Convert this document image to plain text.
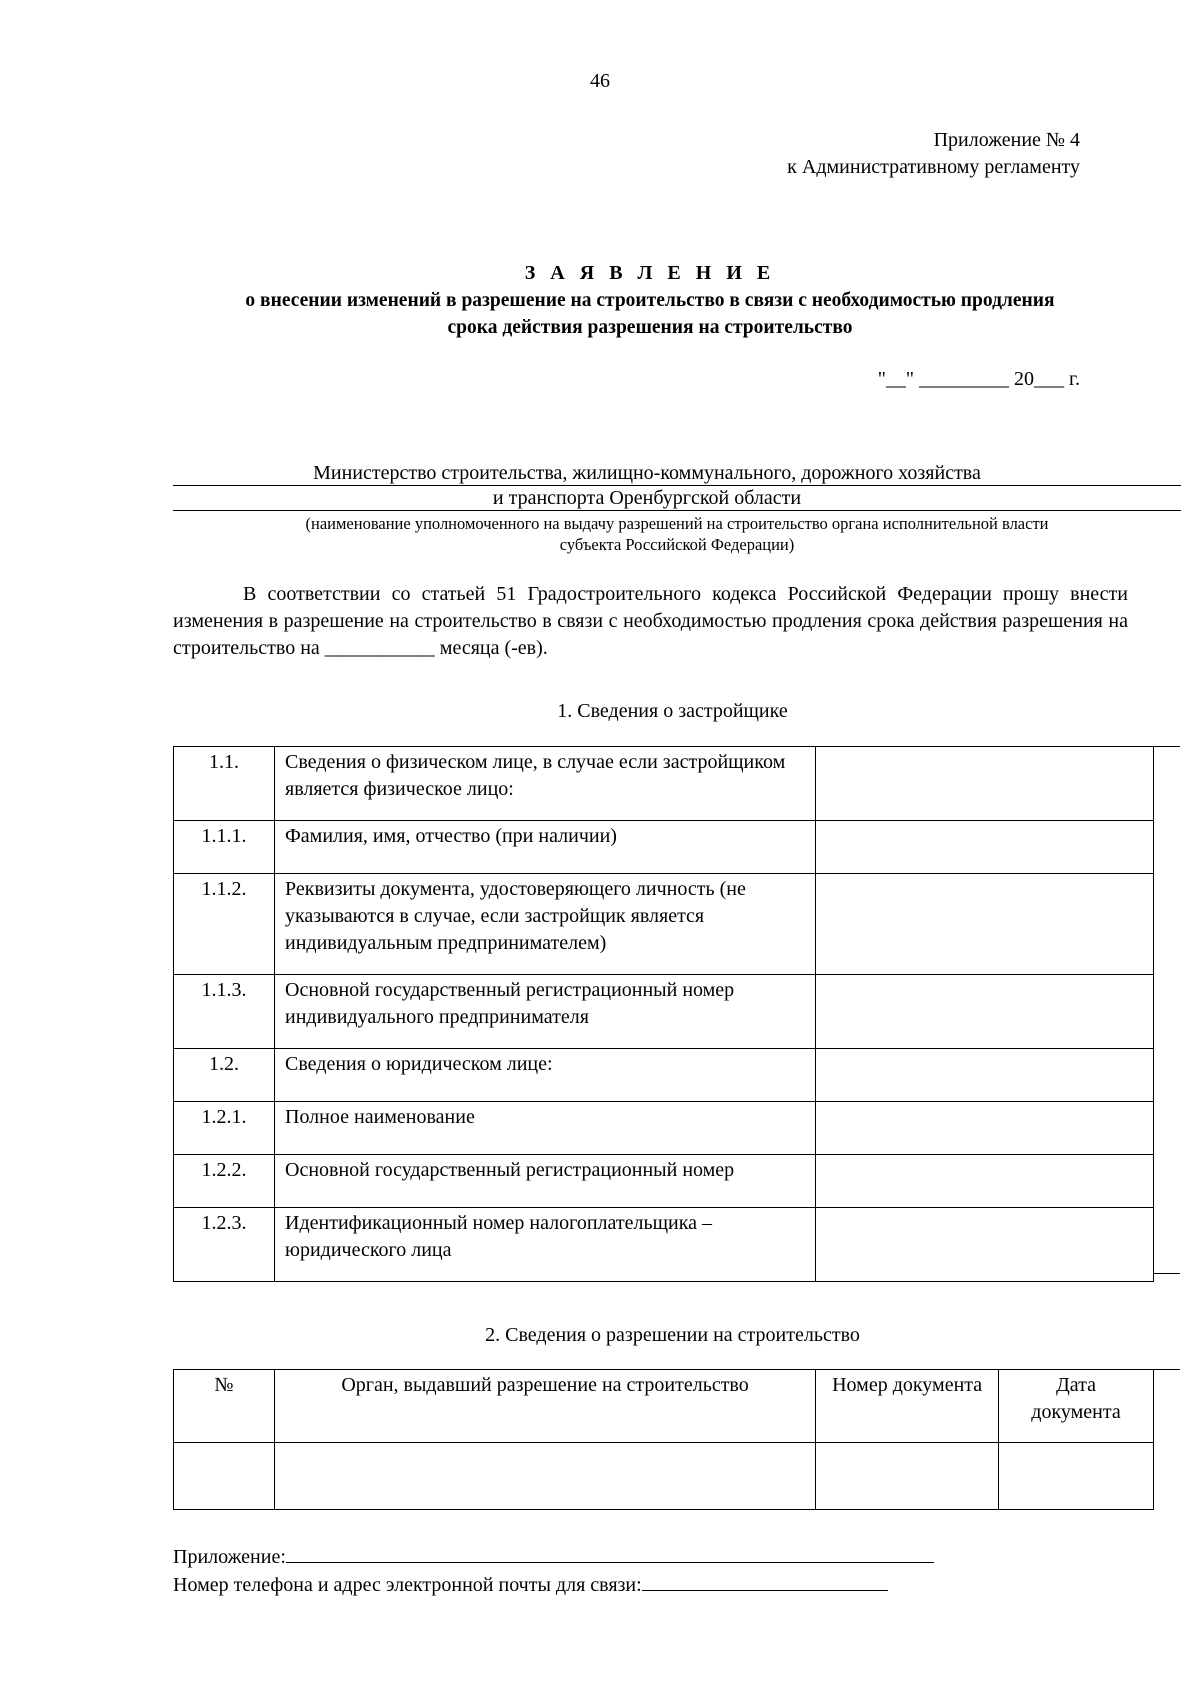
46
Приложение № 4
к Административному регламенту
З А Я В Л Е Н И Е
о внесении изменений в разрешение на строительство в связи с необходимостью продления
срока действия разрешения на строительство
"__" _________ 20___ г.
Министерство строительства, жилищно-коммунального, дорожного хозяйства
и транспорта Оренбургской области
(наименование уполномоченного на выдачу разрешений на строительство органа исполнительной власти
субъекта Российской Федерации)

В соответствии со статьей 51 Градостроительного кодекса Российской Федерации прошу внести изменения в разрешение на строительство в связи с необходимостью продления срока действия разрешения на строительство на ___________ месяца (-ев).

1. Сведения о застройщике
1.1.	Сведения о физическом лице, в случае если застройщиком является физическое лицо:	
1.1.1.	Фамилия, имя, отчество (при наличии)	
1.1.2.	Реквизиты документа, удостоверяющего личность (не указываются в случае, если застройщик является индивидуальным предпринимателем)	
1.1.3.	Основной государственный регистрационный номер индивидуального предпринимателя	
1.2.	Сведения о юридическом лице:	
1.2.1.	Полное наименование	
1.2.2.	Основной государственный регистрационный номер	
1.2.3.	Идентификационный номер налогоплательщика – юридического лица	
2. Сведения о разрешении на строительство
№	Орган, выдавший разрешение на строительство	Номер документа	Дата документа

Приложение:
Номер телефона и адрес электронной почты для связи:
